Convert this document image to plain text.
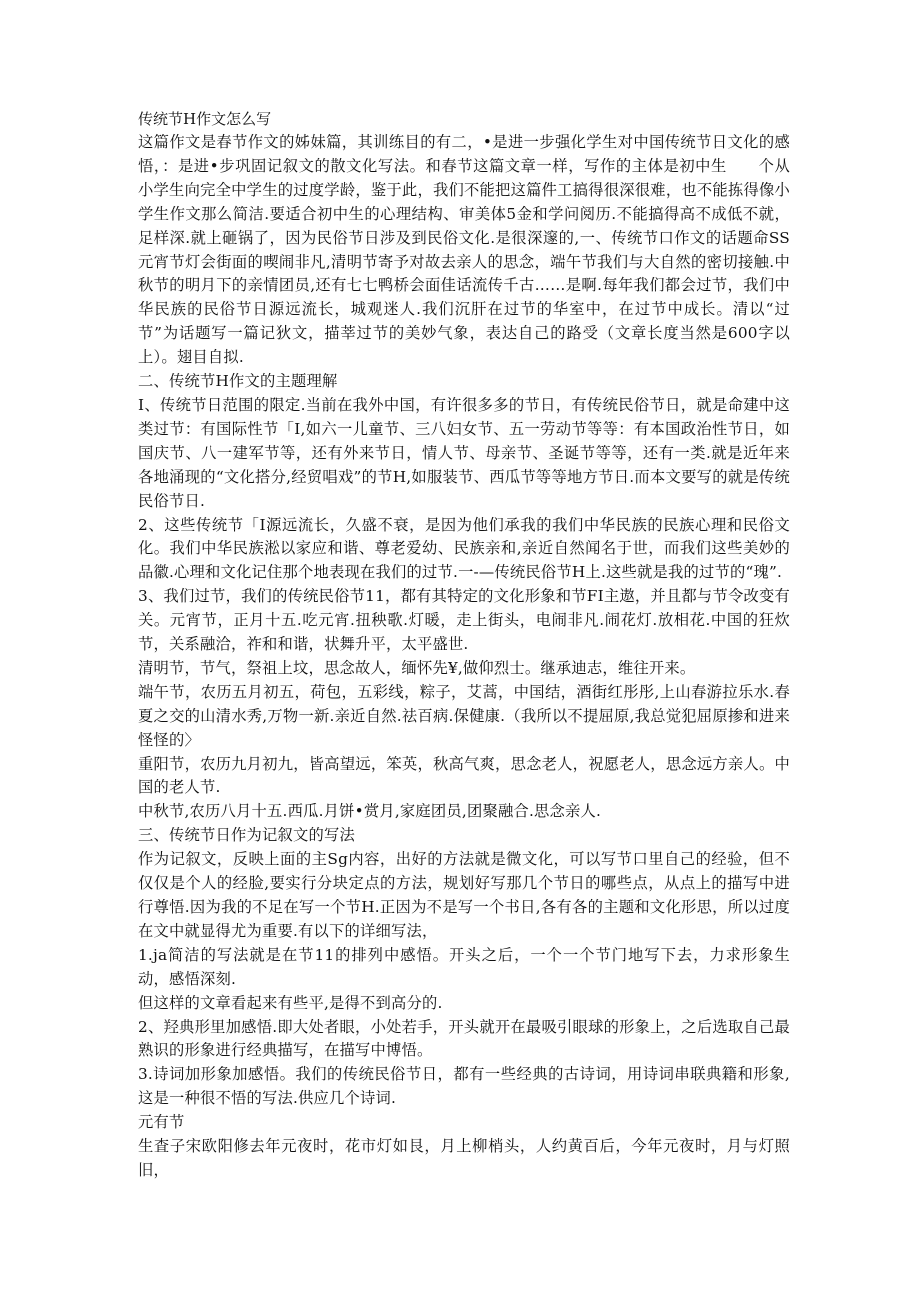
传统节H作文怎么写

这篇作文是春节作文的姊妹篇，其训练目的有二，•是进一步强化学生对中国传统节日文化的感悟，：是进•步巩固记叙文的散文化写法。和春节这篇文章一样，写作的主体是初中生　　个从小学生向完全中学生的过度学龄，鉴于此，我们不能把这篇件工搞得很深很难，也不能拣得像小学生作文那么简洁.要适合初中生的心理结构、审美体5金和学问阅历.不能搞得高不成低不就，足样深.就上砸锅了，因为民俗节日涉及到民俗文化.是很深邃的,一、传统节口作文的话题命SS元宵节灯会街面的喫闹非凡,清明节寄予对故去亲人的思念，端午节我们与大自然的密切接触.中秋节的明月下的亲情团员,还有七七鸭桥会面佳话流传千古……是啊.每年我们都会过节，我们中华民族的民俗节日源远流长，城观迷人.我们沉肝在过节的华室中，在过节中成长。清以“过节”为话题写一篇记狄文，描莘过节的美妙气象，表达自己的路受（文章长度当然是600字以上）。翅目自拟.

二、传统节H作文的主题理解

I、传统节日范围的限定.当前在我外中国，有许很多多的节日，有传统民俗节日，就是命建中这类过节：有国际性节「I,如六一儿童节、三八妇女节、五一劳动节等等：有本国政治性节日，如国庆节、八一建军节等，还有外来节日，情人节、母亲节、圣诞节等等，还有一类.就是近年来各地涌现的“文化搭分,经贸唱戏”的节H,如服装节、西瓜节等等地方节日.而本文要写的就是传统民俗节日.

2、这些传统节「I源远流长，久盛不衰，是因为他们承我的我们中华民族的民族心理和民俗文化。我们中华民族淞以家应和谐、尊老爱幼、民族亲和,亲近自然闻名于世，而我们这些美妙的品徽.心理和文化记住那个地表现在我们的过节.一-—传统民俗节H上.这些就是我的过节的“瑰”.

3、我们过节，我们的传统民俗节11，都有其特定的文化形象和节FI主遨，并且都与节令改变有关。元宵节，正月十五.吃元宵.扭秧歌.灯暖，走上街头，电闹非凡.闹花灯.放相花.中国的狂炊节，关系融洽，祚和和谐，状舞升平，太平盛世.

清明节，节气，祭祖上坟，思念故人，缅怀先¥,做仰烈士。继承迪志，维往开来。

端午节，农历五月初五，荷包，五彩线，粽子，艾蒿，中国结，酒街红彤彤,上山春游拉乐水.春夏之交的山清水秀,万物一新.亲近自然.祛百病.保健康.（我所以不提屈原,我总觉犯屈原掺和进来怪怪的〉

重阳节，农历九月初九，皆高望远，笨英，秋高气爽，思念老人，祝愿老人，思念远方亲人。中国的老人节.

中秋节,农历八月十五.西瓜.月饼•赏月,家庭团员,团聚融合.思念亲人.

三、传统节日作为记叙文的写法

作为记叙文，反映上面的主Sg内容，出好的方法就是微文化，可以写节口里自己的经验，但不仅仅是个人的经脸,要实行分块定点的方法，规划好写那几个节日的哪些点，从点上的描写中进行尊悟.因为我的不足在写一个节H.正因为不是写一个书日,各有各的主题和文化形思，所以过度在文中就显得尤为重要.有以下的详细写法，

1.ja简洁的写法就是在节11的排列中感悟。开头之后，一个一个节门地写下去，力求形象生动，感悟深刻.

但这样的文章看起来有些平,是得不到高分的.

2、羟典形里加感悟.即大处者眼，小处若手，开头就开在最吸引眼球的形象上，之后选取自己最熟识的形象进行经典描写，在描写中博悟。

3.诗词加形象加感悟。我们的传统民俗节日，都有一些经典的古诗词，用诗词串联典籍和形象,这是一种很不悟的写法.供应几个诗词.

元有节

生査子宋欧阳修去年元夜时，花市灯如艮，月上柳梢头，人约黄百后，今年元夜时，月与灯照旧，
